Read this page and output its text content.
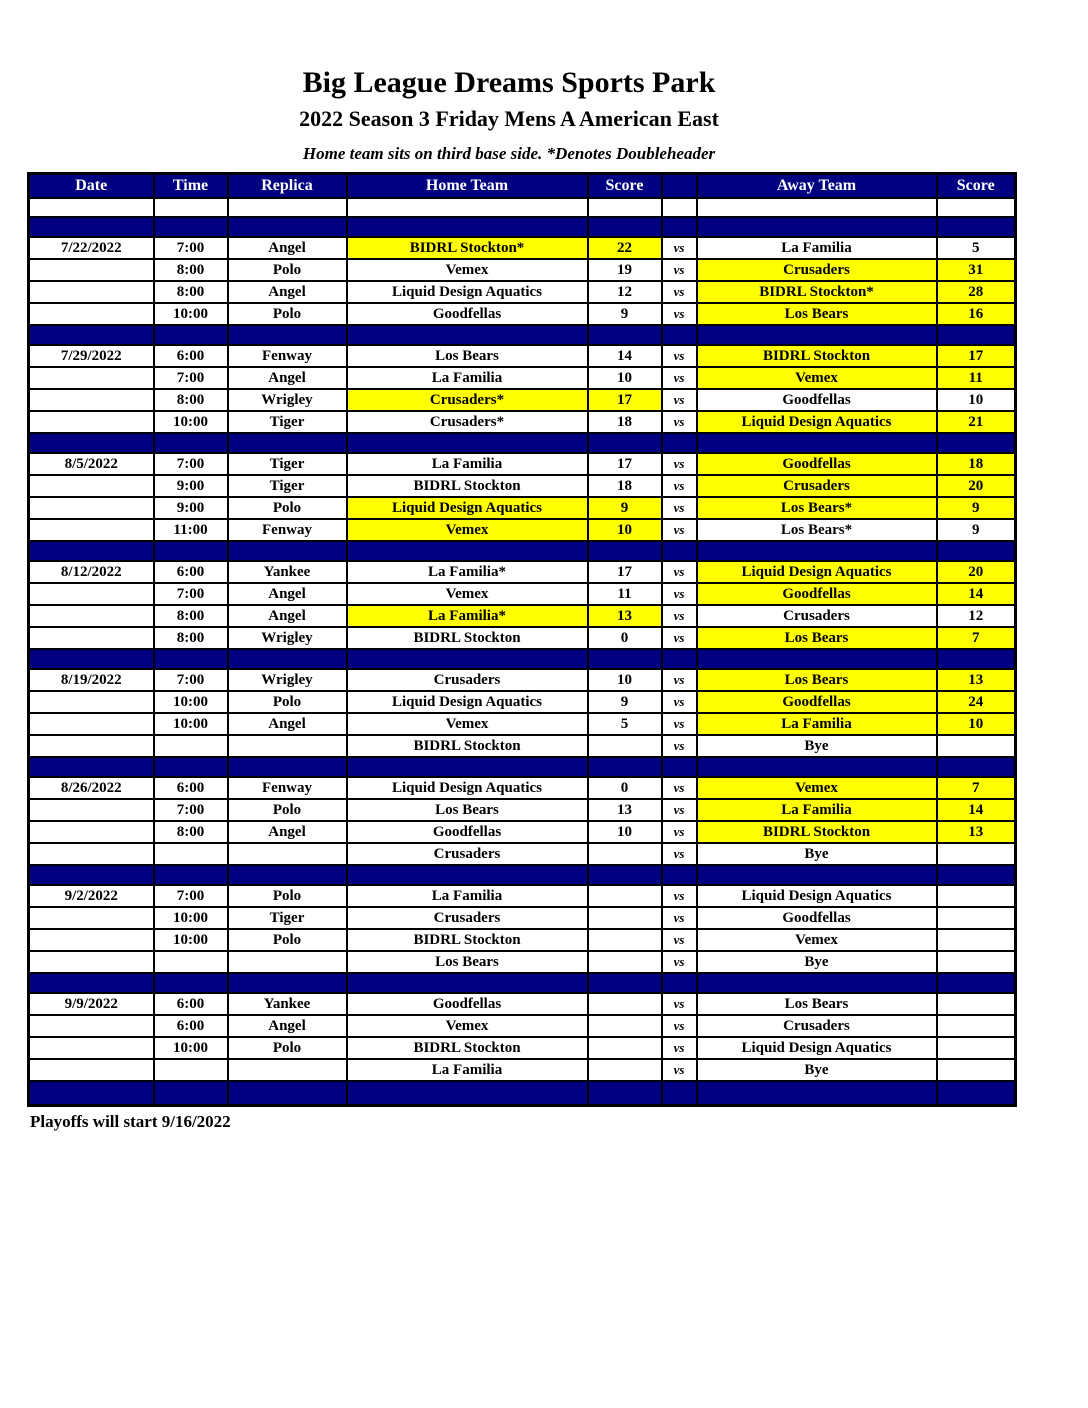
Big League Dreams Sports Park
2022 Season 3 Friday Mens A American East
Home team sits on third base side. *Denotes Doubleheader
Date	Time	Replica	Home Team	Score		Away Team	Score

7/22/2022	7:00	Angel	BIDRL Stockton*	22	vs	La Familia	5
	8:00	Polo	Vemex	19	vs	Crusaders	31
	8:00	Angel	Liquid Design Aquatics	12	vs	BIDRL Stockton*	28
	10:00	Polo	Goodfellas	9	vs	Los Bears	16

7/29/2022	6:00	Fenway	Los Bears	14	vs	BIDRL Stockton	17
	7:00	Angel	La Familia	10	vs	Vemex	11
	8:00	Wrigley	Crusaders*	17	vs	Goodfellas	10
	10:00	Tiger	Crusaders*	18	vs	Liquid Design Aquatics	21

8/5/2022	7:00	Tiger	La Familia	17	vs	Goodfellas	18
	9:00	Tiger	BIDRL Stockton	18	vs	Crusaders	20
	9:00	Polo	Liquid Design Aquatics	9	vs	Los Bears*	9
	11:00	Fenway	Vemex	10	vs	Los Bears*	9

8/12/2022	6:00	Yankee	La Familia*	17	vs	Liquid Design Aquatics	20
	7:00	Angel	Vemex	11	vs	Goodfellas	14
	8:00	Angel	La Familia*	13	vs	Crusaders	12
	8:00	Wrigley	BIDRL Stockton	0	vs	Los Bears	7

8/19/2022	7:00	Wrigley	Crusaders	10	vs	Los Bears	13
	10:00	Polo	Liquid Design Aquatics	9	vs	Goodfellas	24
	10:00	Angel	Vemex	5	vs	La Familia	10
			BIDRL Stockton		vs	Bye	

8/26/2022	6:00	Fenway	Liquid Design Aquatics	0	vs	Vemex	7
	7:00	Polo	Los Bears	13	vs	La Familia	14
	8:00	Angel	Goodfellas	10	vs	BIDRL Stockton	13
			Crusaders		vs	Bye	

9/2/2022	7:00	Polo	La Familia		vs	Liquid Design Aquatics	
	10:00	Tiger	Crusaders		vs	Goodfellas	
	10:00	Polo	BIDRL Stockton		vs	Vemex	
			Los Bears		vs	Bye	

9/9/2022	6:00	Yankee	Goodfellas		vs	Los Bears	
	6:00	Angel	Vemex		vs	Crusaders	
	10:00	Polo	BIDRL Stockton		vs	Liquid Design Aquatics	
			La Familia		vs	Bye	

Playoffs will start 9/16/2022
